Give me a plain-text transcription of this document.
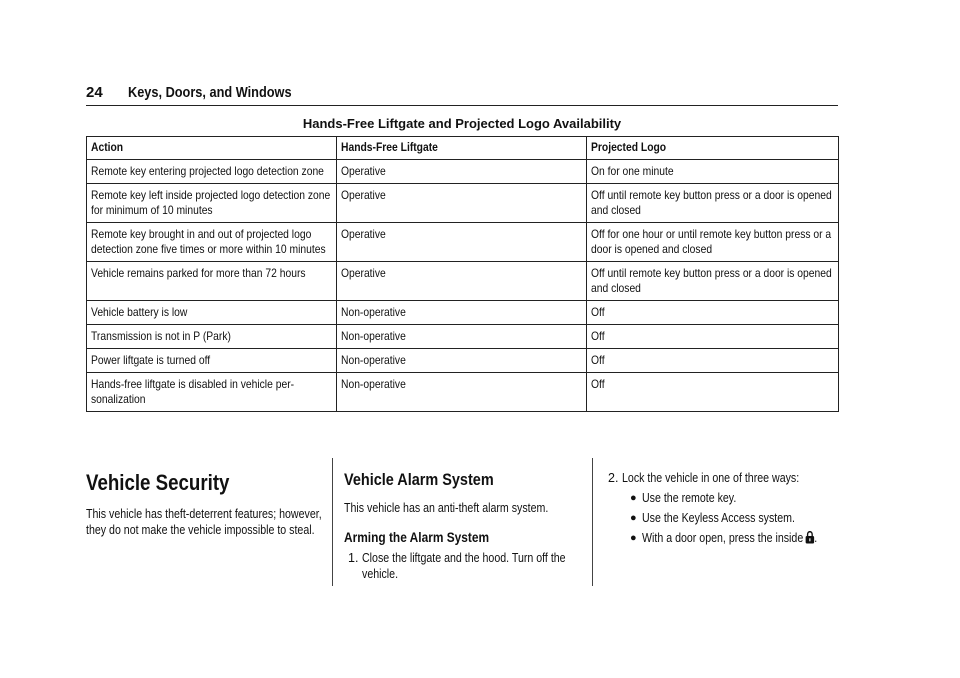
24 Keys, Doors, and Windows
Hands-Free Liftgate and Projected Logo Availability
Action	Hands-Free Liftgate	Projected Logo
Remote key entering projected logo detection zone	Operative	On for one minute
Remote key left inside projected logo detection zone for minimum of 10 minutes	Operative	Off until remote key button press or a door is opened and closed
Remote key brought in and out of projected logo detection zone five times or more within 10 minutes	Operative	Off for one hour or until remote key button press or a door is opened and closed
Vehicle remains parked for more than 72 hours	Operative	Off until remote key button press or a door is opened and closed
Vehicle battery is low	Non-operative	Off
Transmission is not in P (Park)	Non-operative	Off
Power liftgate is turned off	Non-operative	Off
Hands-free liftgate is disabled in vehicle per-sonalization	Non-operative	Off
Vehicle Security

This vehicle has theft-deterrent features; however, they do not make the vehicle impossible to steal.

Vehicle Alarm System

This vehicle has an anti-theft alarm system.

Arming the Alarm System
1. Close the liftgate and the hood. Turn off the vehicle.
2. Lock the vehicle in one of three ways:
● Use the remote key.
● Use the Keyless Access system.
● With a door open, press the inside .
